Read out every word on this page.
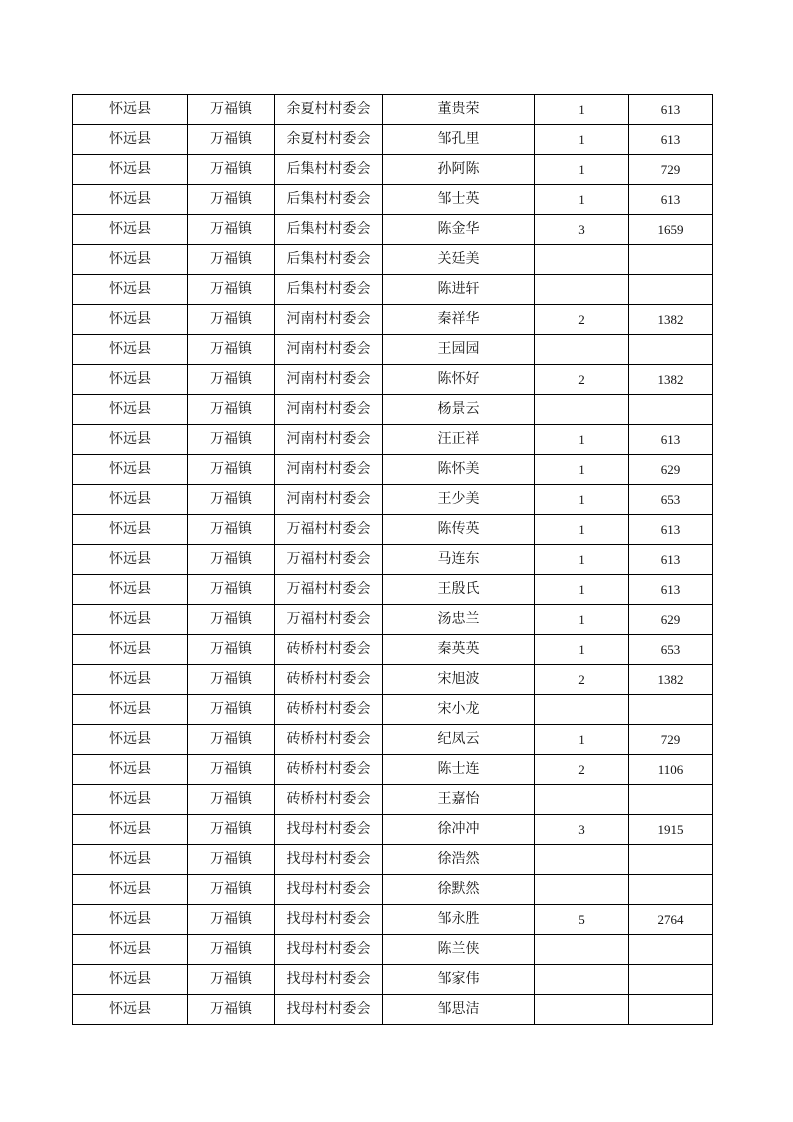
怀远县	万福镇	余夏村村委会	董贵荣	1	613
怀远县	万福镇	余夏村村委会	邹孔里	1	613
怀远县	万福镇	后集村村委会	孙阿陈	1	729
怀远县	万福镇	后集村村委会	邹士英	1	613
怀远县	万福镇	后集村村委会	陈金华	3	1659
怀远县	万福镇	后集村村委会	关廷美		
怀远县	万福镇	后集村村委会	陈进轩		
怀远县	万福镇	河南村村委会	秦祥华	2	1382
怀远县	万福镇	河南村村委会	王园园		
怀远县	万福镇	河南村村委会	陈怀好	2	1382
怀远县	万福镇	河南村村委会	杨景云		
怀远县	万福镇	河南村村委会	汪正祥	1	613
怀远县	万福镇	河南村村委会	陈怀美	1	629
怀远县	万福镇	河南村村委会	王少美	1	653
怀远县	万福镇	万福村村委会	陈传英	1	613
怀远县	万福镇	万福村村委会	马连东	1	613
怀远县	万福镇	万福村村委会	王殷氏	1	613
怀远县	万福镇	万福村村委会	汤忠兰	1	629
怀远县	万福镇	砖桥村村委会	秦英英	1	653
怀远县	万福镇	砖桥村村委会	宋旭波	2	1382
怀远县	万福镇	砖桥村村委会	宋小龙		
怀远县	万福镇	砖桥村村委会	纪凤云	1	729
怀远县	万福镇	砖桥村村委会	陈士连	2	1106
怀远县	万福镇	砖桥村村委会	王嘉怡		
怀远县	万福镇	找母村村委会	徐冲冲	3	1915
怀远县	万福镇	找母村村委会	徐浩然		
怀远县	万福镇	找母村村委会	徐默然		
怀远县	万福镇	找母村村委会	邹永胜	5	2764
怀远县	万福镇	找母村村委会	陈兰侠		
怀远县	万福镇	找母村村委会	邹家伟		
怀远县	万福镇	找母村村委会	邹思洁		
